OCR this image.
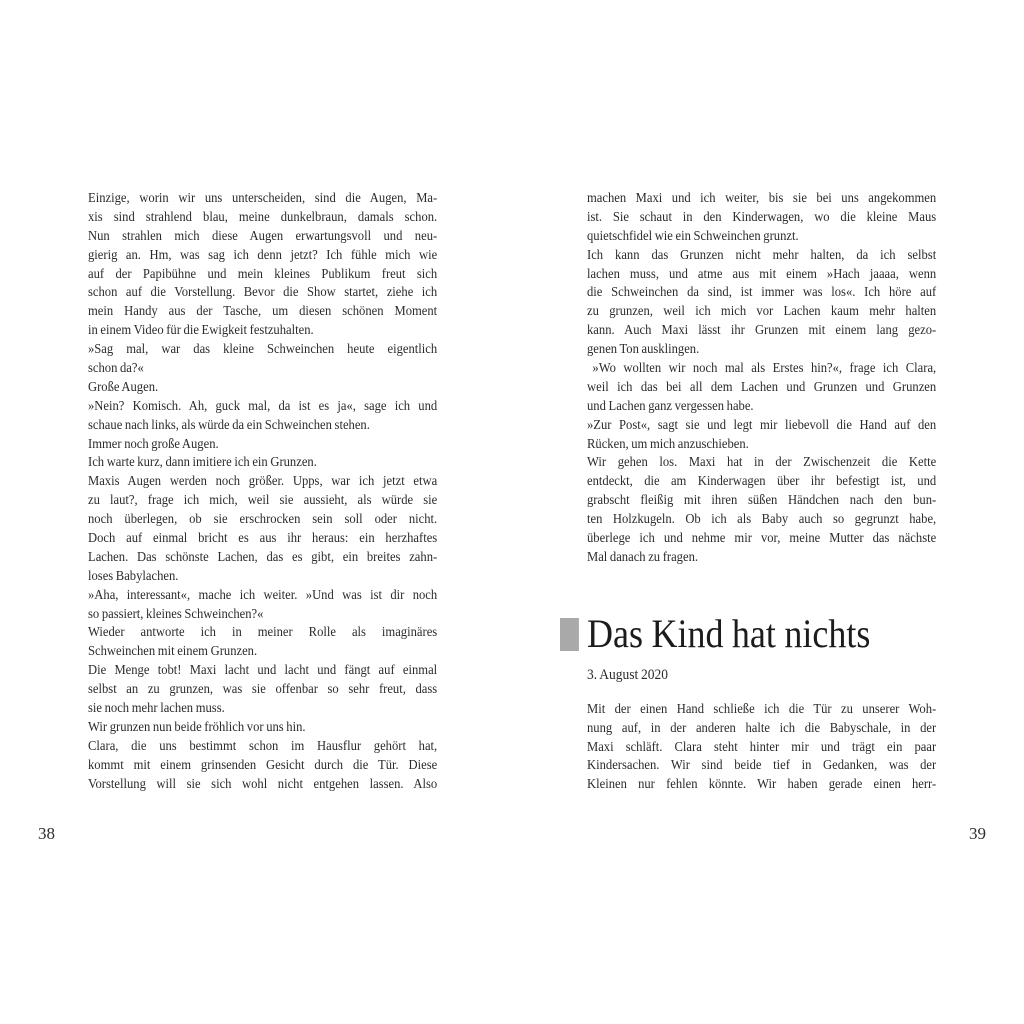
Einzige, worin wir uns unterscheiden, sind die Augen, Ma-
xis sind strahlend blau, meine dunkelbraun, damals schon.
Nun strahlen mich diese Augen erwartungsvoll und neu-
gierig an. Hm, was sag ich denn jetzt? Ich fühle mich wie
auf der Papibühne und mein kleines Publikum freut sich
schon auf die Vorstellung. Bevor die Show startet, ziehe ich
mein Handy aus der Tasche, um diesen schönen Moment
in einem Video für die Ewigkeit festzuhalten.
»Sag mal, war das kleine Schweinchen heute eigentlich
schon da?«
Große Augen.
»Nein? Komisch. Ah, guck mal, da ist es ja«, sage ich und
schaue nach links, als würde da ein Schweinchen stehen.
Immer noch große Augen.
Ich warte kurz, dann imitiere ich ein Grunzen.
Maxis Augen werden noch größer. Upps, war ich jetzt etwa
zu laut?, frage ich mich, weil sie aussieht, als würde sie
noch überlegen, ob sie erschrocken sein soll oder nicht.
Doch auf einmal bricht es aus ihr heraus: ein herzhaftes
Lachen. Das schönste Lachen, das es gibt, ein breites zahn-
loses Babylachen.
»Aha, interessant«, mache ich weiter. »Und was ist dir noch
so passiert, kleines Schweinchen?«
Wieder antworte ich in meiner Rolle als imaginäres
Schweinchen mit einem Grunzen.
Die Menge tobt! Maxi lacht und lacht und fängt auf einmal
selbst an zu grunzen, was sie offenbar so sehr freut, dass
sie noch mehr lachen muss.
Wir grunzen nun beide fröhlich vor uns hin.
Clara, die uns bestimmt schon im Hausflur gehört hat,
kommt mit einem grinsenden Gesicht durch die Tür. Diese
Vorstellung will sie sich wohl nicht entgehen lassen. Also
machen Maxi und ich weiter, bis sie bei uns angekommen
ist. Sie schaut in den Kinderwagen, wo die kleine Maus
quietschfidel wie ein Schweinchen grunzt.
Ich kann das Grunzen nicht mehr halten, da ich selbst
lachen muss, und atme aus mit einem »Hach jaaaa, wenn
die Schweinchen da sind, ist immer was los«. Ich höre auf
zu grunzen, weil ich mich vor Lachen kaum mehr halten
kann. Auch Maxi lässt ihr Grunzen mit einem lang gezo-
genen Ton ausklingen.
»Wo wollten wir noch mal als Erstes hin?«, frage ich Clara,
weil ich das bei all dem Lachen und Grunzen und Grunzen
und Lachen ganz vergessen habe.
»Zur Post«, sagt sie und legt mir liebevoll die Hand auf den
Rücken, um mich anzuschieben.
Wir gehen los. Maxi hat in der Zwischenzeit die Kette
entdeckt, die am Kinderwagen über ihr befestigt ist, und
grabscht fleißig mit ihren süßen Händchen nach den bun-
ten Holzkugeln. Ob ich als Baby auch so gegrunzt habe,
überlege ich und nehme mir vor, meine Mutter das nächste
Mal danach zu fragen.
Das Kind hat nichts
3. August 2020
Mit der einen Hand schließe ich die Tür zu unserer Woh-
nung auf, in der anderen halte ich die Babyschale, in der
Maxi schläft. Clara steht hinter mir und trägt ein paar
Kindersachen. Wir sind beide tief in Gedanken, was der
Kleinen nur fehlen könnte. Wir haben gerade einen herr-
38	39
